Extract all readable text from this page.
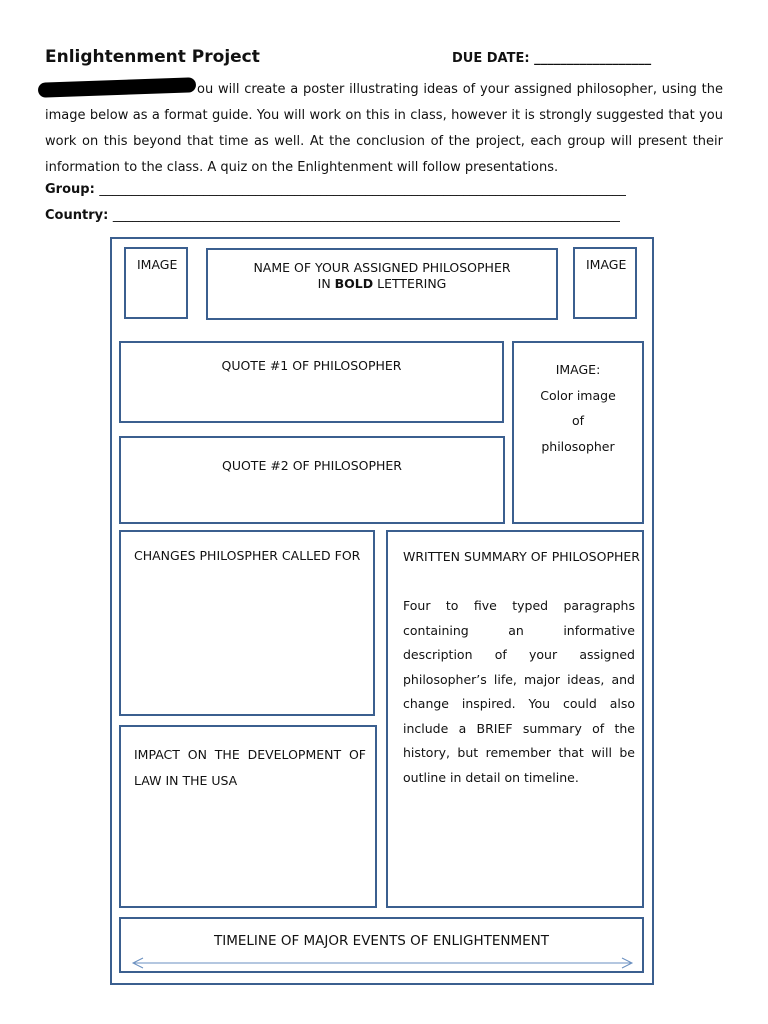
Enlightenment Project	DUE DATE: __________________
ou will create a poster illustrating ideas of your assigned philosopher, using the image below as a format guide. You will work on this in class, however it is strongly suggested that you work on this beyond that time as well. At the conclusion of the project, each group will present their information to the class. A quiz on the Enlightenment will follow presentations.
Group: _________________________________________________________________________________
Country: ______________________________________________________________________________
IMAGE	NAME OF YOUR ASSIGNED PHILOSOPHER
IN BOLD LETTERING
IMAGE
QUOTE #1 OF PHILOSOPHER
QUOTE #2 OF PHILOSOPHER
IMAGE:
Color image
of
philosopher
CHANGES PHILOSPHER CALLED FOR
IMPACT ON THE DEVELOPMENT OF LAW IN THE USA
WRITTEN SUMMARY OF PHILOSOPHER
Four to five typed paragraphs containing an informative description of your assigned philosopher’s life, major ideas, and change inspired. You could also include a BRIEF summary of the history, but remember that will be outline in detail on timeline.
TIMELINE OF MAJOR EVENTS OF ENLIGHTENMENT
